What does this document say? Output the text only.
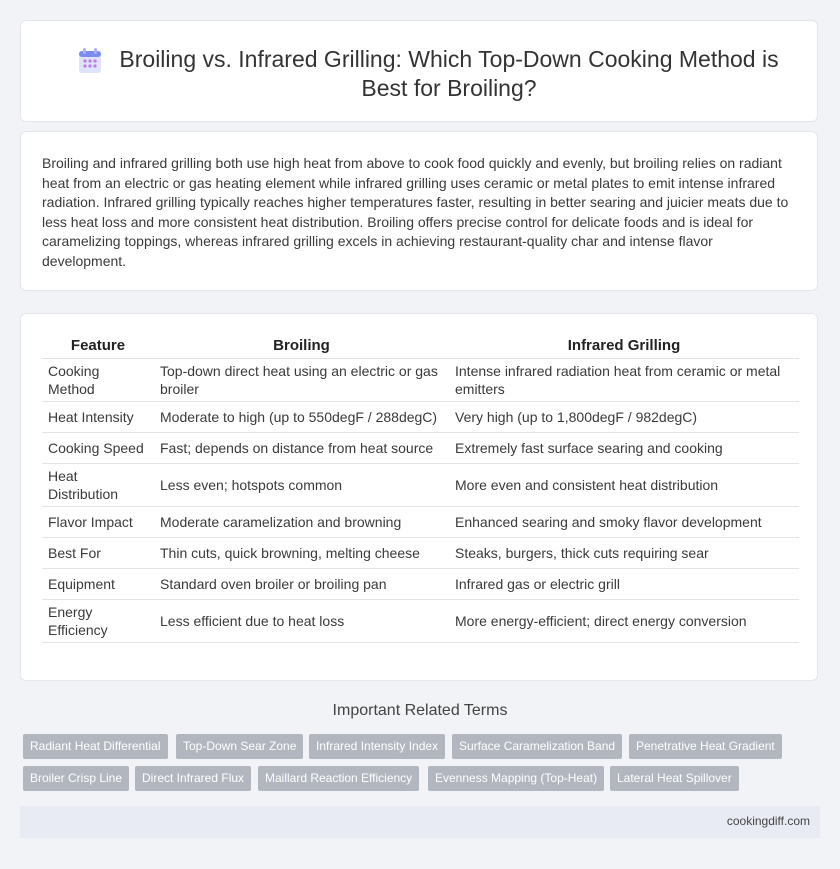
Broiling vs. Infrared Grilling: Which Top-Down Cooking Method is Best for Broiling?

Broiling and infrared grilling both use high heat from above to cook food quickly and evenly, but broiling relies on radiant heat from an electric or gas heating element while infrared grilling uses ceramic or metal plates to emit intense infrared radiation. Infrared grilling typically reaches higher temperatures faster, resulting in better searing and juicier meats due to less heat loss and more consistent heat distribution. Broiling offers precise control for delicate foods and is ideal for caramelizing toppings, whereas infrared grilling excels in achieving restaurant-quality char and intense flavor development.

Feature	Broiling	Infrared Grilling
Cooking Method	Top-down direct heat using an electric or gas broiler	Intense infrared radiation heat from ceramic or metal emitters
Heat Intensity	Moderate to high (up to 550degF / 288degC)	Very high (up to 1,800degF / 982degC)
Cooking Speed	Fast; depends on distance from heat source	Extremely fast surface searing and cooking
Heat Distribution	Less even; hotspots common	More even and consistent heat distribution
Flavor Impact	Moderate caramelization and browning	Enhanced searing and smoky flavor development
Best For	Thin cuts, quick browning, melting cheese	Steaks, burgers, thick cuts requiring sear
Equipment	Standard oven broiler or broiling pan	Infrared gas or electric grill
Energy Efficiency	Less efficient due to heat loss	More energy-efficient; direct energy conversion
Important Related Terms
Radiant Heat Differential	Top-Down Sear Zone	Infrared Intensity Index	Surface Caramelization Band	Penetrative Heat Gradient
Broiler Crisp Line	Direct Infrared Flux	Maillard Reaction Efficiency	Evenness Mapping (Top-Heat)	Lateral Heat Spillover
cookingdiff.com
